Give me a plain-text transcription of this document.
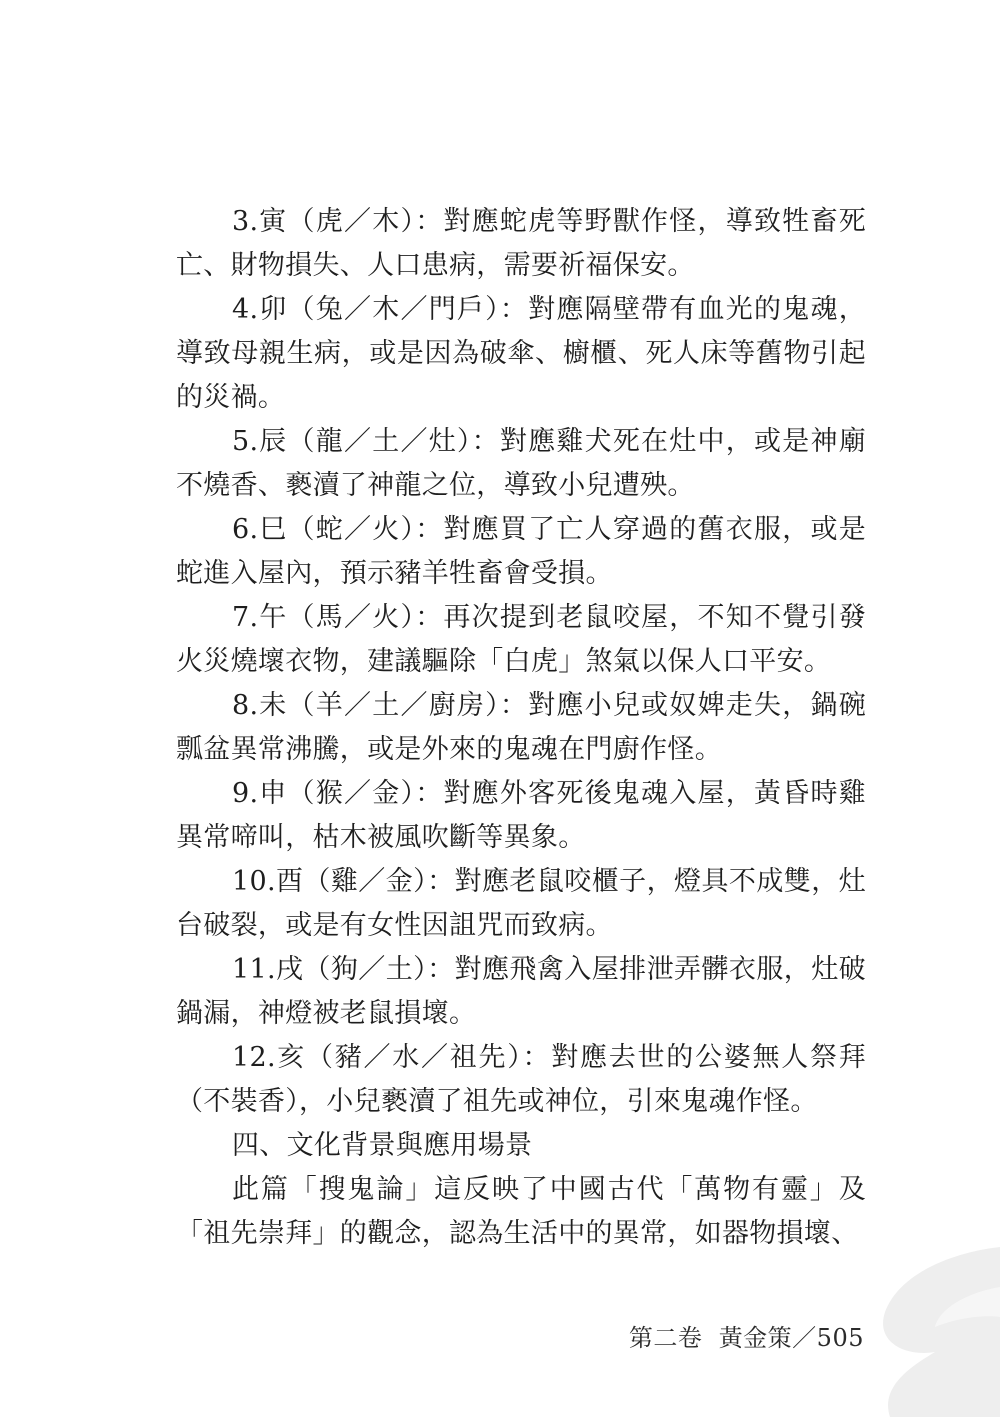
3.寅（虎／木）：對應蛇虎等野獸作怪，導致牲畜死亡、財物損失、人口患病，需要祈福保安。

4.卯（兔／木／門戶）：對應隔壁帶有血光的鬼魂，導致母親生病，或是因為破傘、櫥櫃、死人床等舊物引起的災禍。

5.辰（龍／土／灶）：對應雞犬死在灶中，或是神廟不燒香、褻瀆了神龍之位，導致小兒遭殃。

6.巳（蛇／火）：對應買了亡人穿過的舊衣服，或是蛇進入屋內，預示豬羊牲畜會受損。

7.午（馬／火）：再次提到老鼠咬屋，不知不覺引發火災燒壞衣物，建議驅除「白虎」煞氣以保人口平安。

8.未（羊／土／廚房）：對應小兒或奴婢走失，鍋碗瓢盆異常沸騰，或是外來的鬼魂在門廚作怪。

9.申（猴／金）：對應外客死後鬼魂入屋，黃昏時雞異常啼叫，枯木被風吹斷等異象。

10.酉（雞／金）：對應老鼠咬櫃子，燈具不成雙，灶台破裂，或是有女性因詛咒而致病。

11.戌（狗／土）：對應飛禽入屋排泄弄髒衣服，灶破鍋漏，神燈被老鼠損壞。

12.亥（豬／水／祖先）：對應去世的公婆無人祭拜（不裝香），小兒褻瀆了祖先或神位，引來鬼魂作怪。

四、文化背景與應用場景

此篇「搜鬼論」這反映了中國古代「萬物有靈」及「祖先崇拜」的觀念，認為生活中的異常，如器物損壞、

第二卷 黃金策／505
